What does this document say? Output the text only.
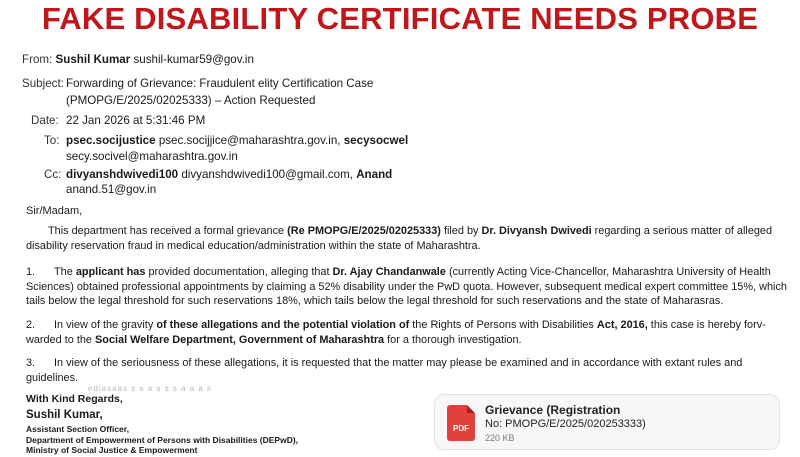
FAKE DISABILITY CERTIFICATE NEEDS PROBE
From: Sushil Kumar sushil-kumar59@gov.in
Subject: Forwarding of Grievance: Fraudulent elity Certification Case
(PMOPG/E/2025/02025333) – Action Requested
Date: 22 Jan 2026 at 5:31:46 PM
To: psec.socijustice psec.socijjice@maharashtra.gov.in, secysocwel
secy.socivel@maharashtra.gov.in
Cc: divyanshdwivedi100 divyanshdwivedi100@gmail.com, Anand
anand.51@gov.in
Sir/Madam,
This department has received a formal grievance (Re PMOPG/E/2025/02025333) filed by Dr. Divyansh Dwivedi regarding a serious matter of alleged disability reservation fraud in medical education/administration within the state of Maharashtra.
1. The applicant has provided documentation, alleging that Dr. Ajay Chandanwale (currently Acting Vice-Chancellor, Maharashtra University of Health Sciences) obtained professional appointments by claiming a 52% disability under the PwD quota. However, subsequent medical expert committee 15%, which tails below the legal threshold for such reservations 18%, which tails below the legal threshold for such reservations and the state of Maharasras.
2. In view of the gravity of these allegations and the potential violation of the Rights of Persons with Disabilities Act, 2016, this case is hereby forv-warded to the Social Welfare Department, Government of Maharashtra for a thorough investigation.
3. In view of the seriousness of these allegations, it is requested that the matter may please be examined and in accordance with extant rules and guidelines.
ediasaas s s a s s s a a a s
With Kind Regards,
Sushil Kumar,
Assistant Section Officer,
Department of Empowerment of Persons with Disabilities (DEPwD),
Ministry of Social Justice & Empowerment
PDF
Grievance (Registration
No: PMOPG/E/2025/020253333)
220 KB
